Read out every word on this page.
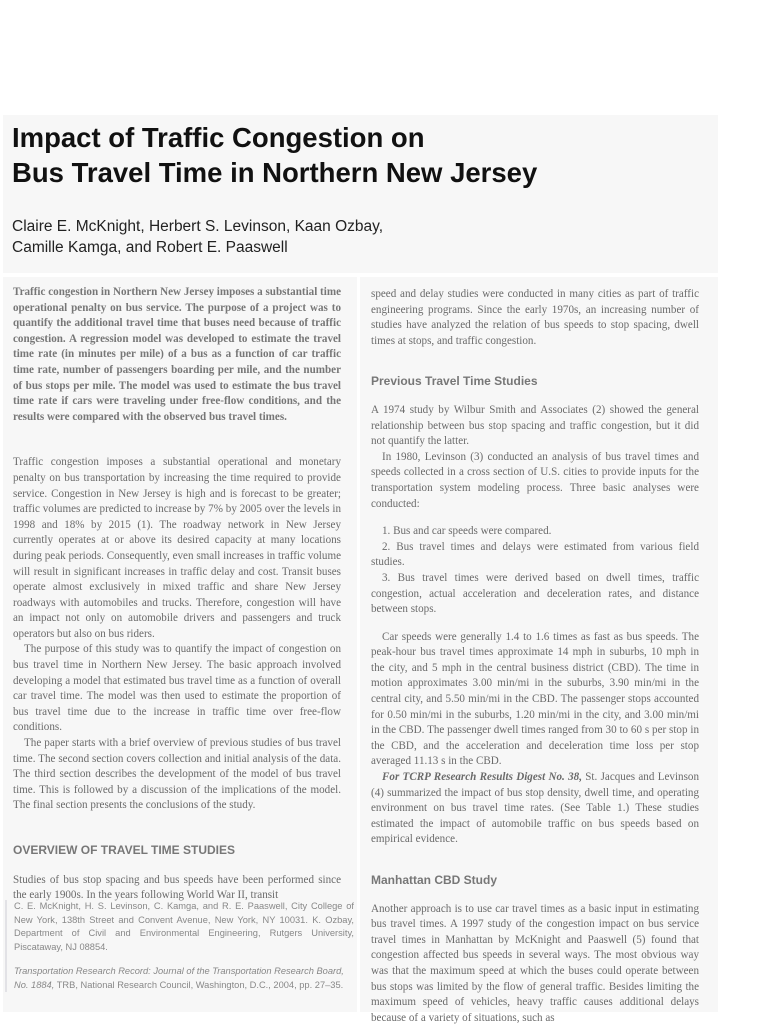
Impact of Traffic Congestion on
Bus Travel Time in Northern New Jersey

Claire E. McKnight, Herbert S. Levinson, Kaan Ozbay,
Camille Kamga, and Robert E. Paaswell

Traffic congestion in Northern New Jersey imposes a substantial time operational penalty on bus service. The purpose of a project was to quantify the additional travel time that buses need because of traffic congestion. A regression model was developed to estimate the travel time rate (in minutes per mile) of a bus as a function of car traffic time rate, number of passengers boarding per mile, and the number of bus stops per mile. The model was used to estimate the bus travel time rate if cars were traveling under free-flow conditions, and the results were compared with the observed bus travel times.

Traffic congestion imposes a substantial operational and monetary penalty on bus transportation by increasing the time required to provide service. Congestion in New Jersey is high and is forecast to be greater; traffic volumes are predicted to increase by 7% by 2005 over the levels in 1998 and 18% by 2015 (1). The roadway network in New Jersey currently operates at or above its desired capacity at many locations during peak periods. Consequently, even small increases in traffic volume will result in significant increases in traffic delay and cost. Transit buses operate almost exclusively in mixed traffic and share New Jersey roadways with automobiles and trucks. Therefore, congestion will have an impact not only on automobile drivers and passengers and truck operators but also on bus riders.

The purpose of this study was to quantify the impact of congestion on bus travel time in Northern New Jersey. The basic approach involved developing a model that estimated bus travel time as a function of overall car travel time. The model was then used to estimate the proportion of bus travel time due to the increase in traffic time over free-flow conditions.

The paper starts with a brief overview of previous studies of bus travel time. The second section covers collection and initial analysis of the data. The third section describes the development of the model of bus travel time. This is followed by a discussion of the implications of the model. The final section presents the conclusions of the study.

OVERVIEW OF TRAVEL TIME STUDIES

Studies of bus stop spacing and bus speeds have been performed since the early 1900s. In the years following World War II, transit

C. E. McKnight, H. S. Levinson, C. Kamga, and R. E. Paaswell, City College of New York, 138th Street and Convent Avenue, New York, NY 10031. K. Ozbay, Department of Civil and Environmental Engineering, Rutgers University, Piscataway, NJ 08854.

Transportation Research Record: Journal of the Transportation Research Board, No. 1884, TRB, National Research Council, Washington, D.C., 2004, pp. 27–35.

speed and delay studies were conducted in many cities as part of traffic engineering programs. Since the early 1970s, an increasing number of studies have analyzed the relation of bus speeds to stop spacing, dwell times at stops, and traffic congestion.

Previous Travel Time Studies

A 1974 study by Wilbur Smith and Associates (2) showed the general relationship between bus stop spacing and traffic congestion, but it did not quantify the latter.

In 1980, Levinson (3) conducted an analysis of bus travel times and speeds collected in a cross section of U.S. cities to provide inputs for the transportation system modeling process. Three basic analyses were conducted:

1. Bus and car speeds were compared.

2. Bus travel times and delays were estimated from various field studies.

3. Bus travel times were derived based on dwell times, traffic congestion, actual acceleration and deceleration rates, and distance between stops.

Car speeds were generally 1.4 to 1.6 times as fast as bus speeds. The peak-hour bus travel times approximate 14 mph in suburbs, 10 mph in the city, and 5 mph in the central business district (CBD). The time in motion approximates 3.00 min/mi in the suburbs, 3.90 min/mi in the central city, and 5.50 min/mi in the CBD. The passenger stops accounted for 0.50 min/mi in the suburbs, 1.20 min/mi in the city, and 3.00 min/mi in the CBD. The passenger dwell times ranged from 30 to 60 s per stop in the CBD, and the acceleration and deceleration time loss per stop averaged 11.13 s in the CBD.

For TCRP Research Results Digest No. 38, St. Jacques and Levinson (4) summarized the impact of bus stop density, dwell time, and operating environment on bus travel time rates. (See Table 1.) These studies estimated the impact of automobile traffic on bus speeds based on empirical evidence.

Manhattan CBD Study

Another approach is to use car travel times as a basic input in estimating bus travel times. A 1997 study of the congestion impact on bus service travel times in Manhattan by McKnight and Paaswell (5) found that congestion affected bus speeds in several ways. The most obvious way was that the maximum speed at which the buses could operate between bus stops was limited by the flow of general traffic. Besides limiting the maximum speed of vehicles, heavy traffic causes additional delays because of a variety of situations, such as
